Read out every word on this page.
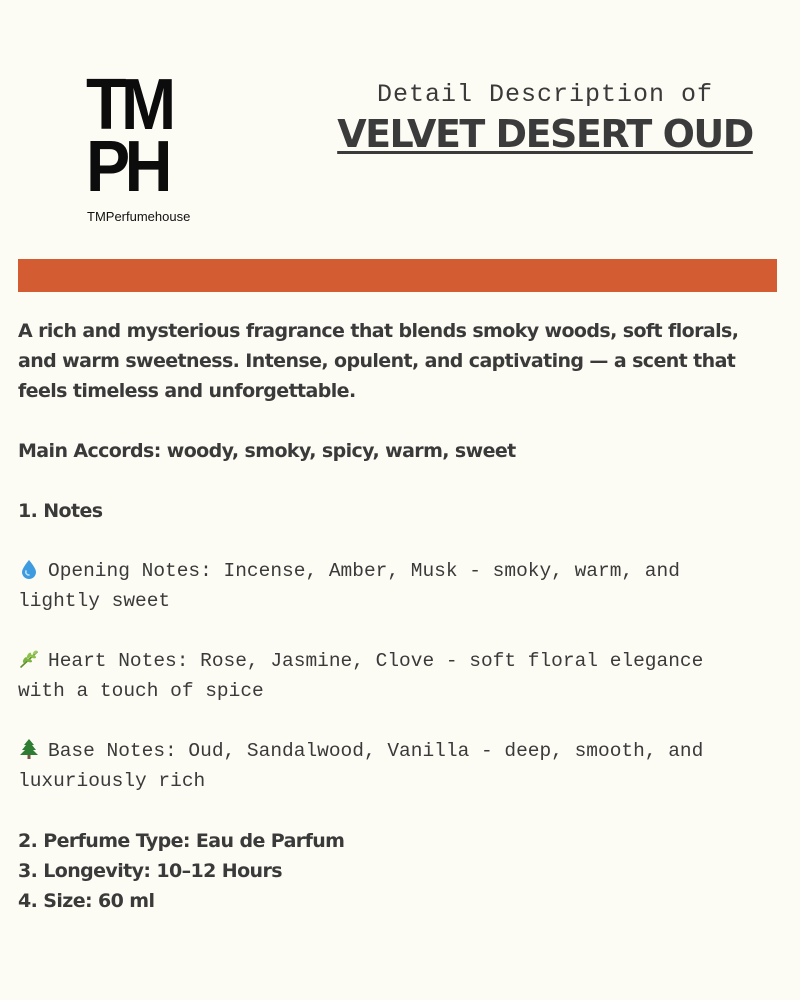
TM
PH
TMPerfumehouse
Detail Description of
VELVET DESERT OUD

A rich and mysterious fragrance that blends smoky woods, soft florals, and warm sweetness. Intense, opulent, and captivating — a scent that feels timeless and unforgettable.

Main Accords: woody, smoky, spicy, warm, sweet

1. Notes

Opening Notes: Incense, Amber, Musk - smoky, warm, and lightly sweet

Heart Notes: Rose, Jasmine, Clove - soft floral elegance with a touch of spice

Base Notes: Oud, Sandalwood, Vanilla - deep, smooth, and luxuriously rich

2. Perfume Type: Eau de Parfum

3. Longevity: 10–12 Hours

4. Size: 60 ml
